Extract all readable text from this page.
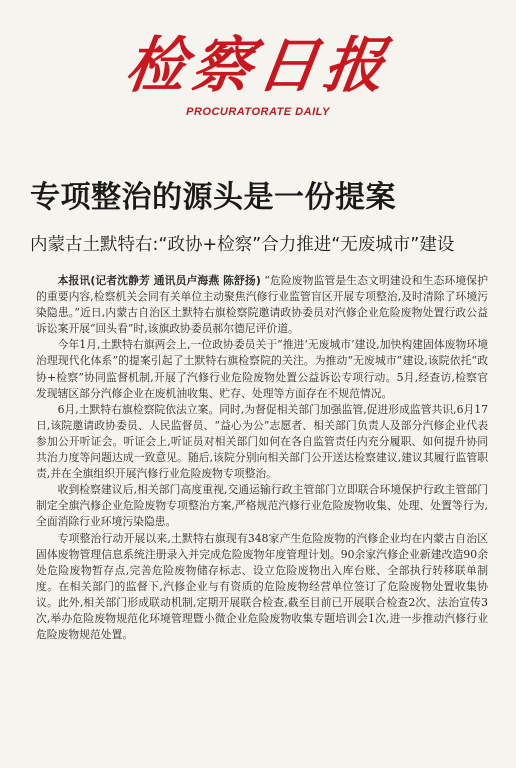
检察日报
PROCURATORATE DAILY
专项整治的源头是一份提案
内蒙古土默特右:“政协+检察”合力推进“无废城市”建设

本报讯(记者沈静芳 通讯员卢海燕 陈舒扬) “危险废物监管是生态文明建设和生态环境保护的重要内容,检察机关会同有关单位主动聚焦汽修行业监管盲区开展专项整治,及时清除了环境污染隐患。”近日,内蒙古自治区土默特右旗检察院邀请政协委员对汽修企业危险废物处置行政公益诉讼案开展“回头看”时,该旗政协委员郝尔德尼评价道。

今年1月,土默特右旗两会上,一位政协委员关于“推进‘无废城市’建设,加快构建固体废物环境治理现代化体系”的提案引起了土默特右旗检察院的关注。为推动“无废城市”建设,该院依托“政协+检察”协同监督机制,开展了汽修行业危险废物处置公益诉讼专项行动。5月,经查访,检察官发现辖区部分汽修企业在废机油收集、贮存、处理等方面存在不规范情况。

6月,土默特右旗检察院依法立案。同时,为督促相关部门加强监管,促进形成监管共识,6月17日,该院邀请政协委员、人民监督员、“益心为公”志愿者、相关部门负责人及部分汽修企业代表参加公开听证会。听证会上,听证员对相关部门如何在各自监管责任内充分履职、如何提升协同共治力度等问题达成一致意见。随后,该院分别向相关部门公开送达检察建议,建议其履行监管职责,并在全旗组织开展汽修行业危险废物专项整治。

收到检察建议后,相关部门高度重视,交通运输行政主管部门立即联合环境保护行政主管部门制定全旗汽修企业危险废物专项整治方案,严格规范汽修行业危险废物收集、处理、处置等行为,全面消除行业环境污染隐患。

专项整治行动开展以来,土默特右旗现有348家产生危险废物的汽修企业均在内蒙古自治区固体废物管理信息系统注册录入并完成危险废物年度管理计划。90余家汽修企业新建改造90余处危险废物暂存点,完善危险废物储存标志、设立危险废物出入库台账、全部执行转移联单制度。在相关部门的监督下,汽修企业与有资质的危险废物经营单位签订了危险废物处置收集协议。此外,相关部门形成联动机制,定期开展联合检查,截至目前已开展联合检查2次、法治宣传3次,举办危险废物规范化环境管理暨小微企业危险废物收集专题培训会1次,进一步推动汽修行业危险废物规范处置。
